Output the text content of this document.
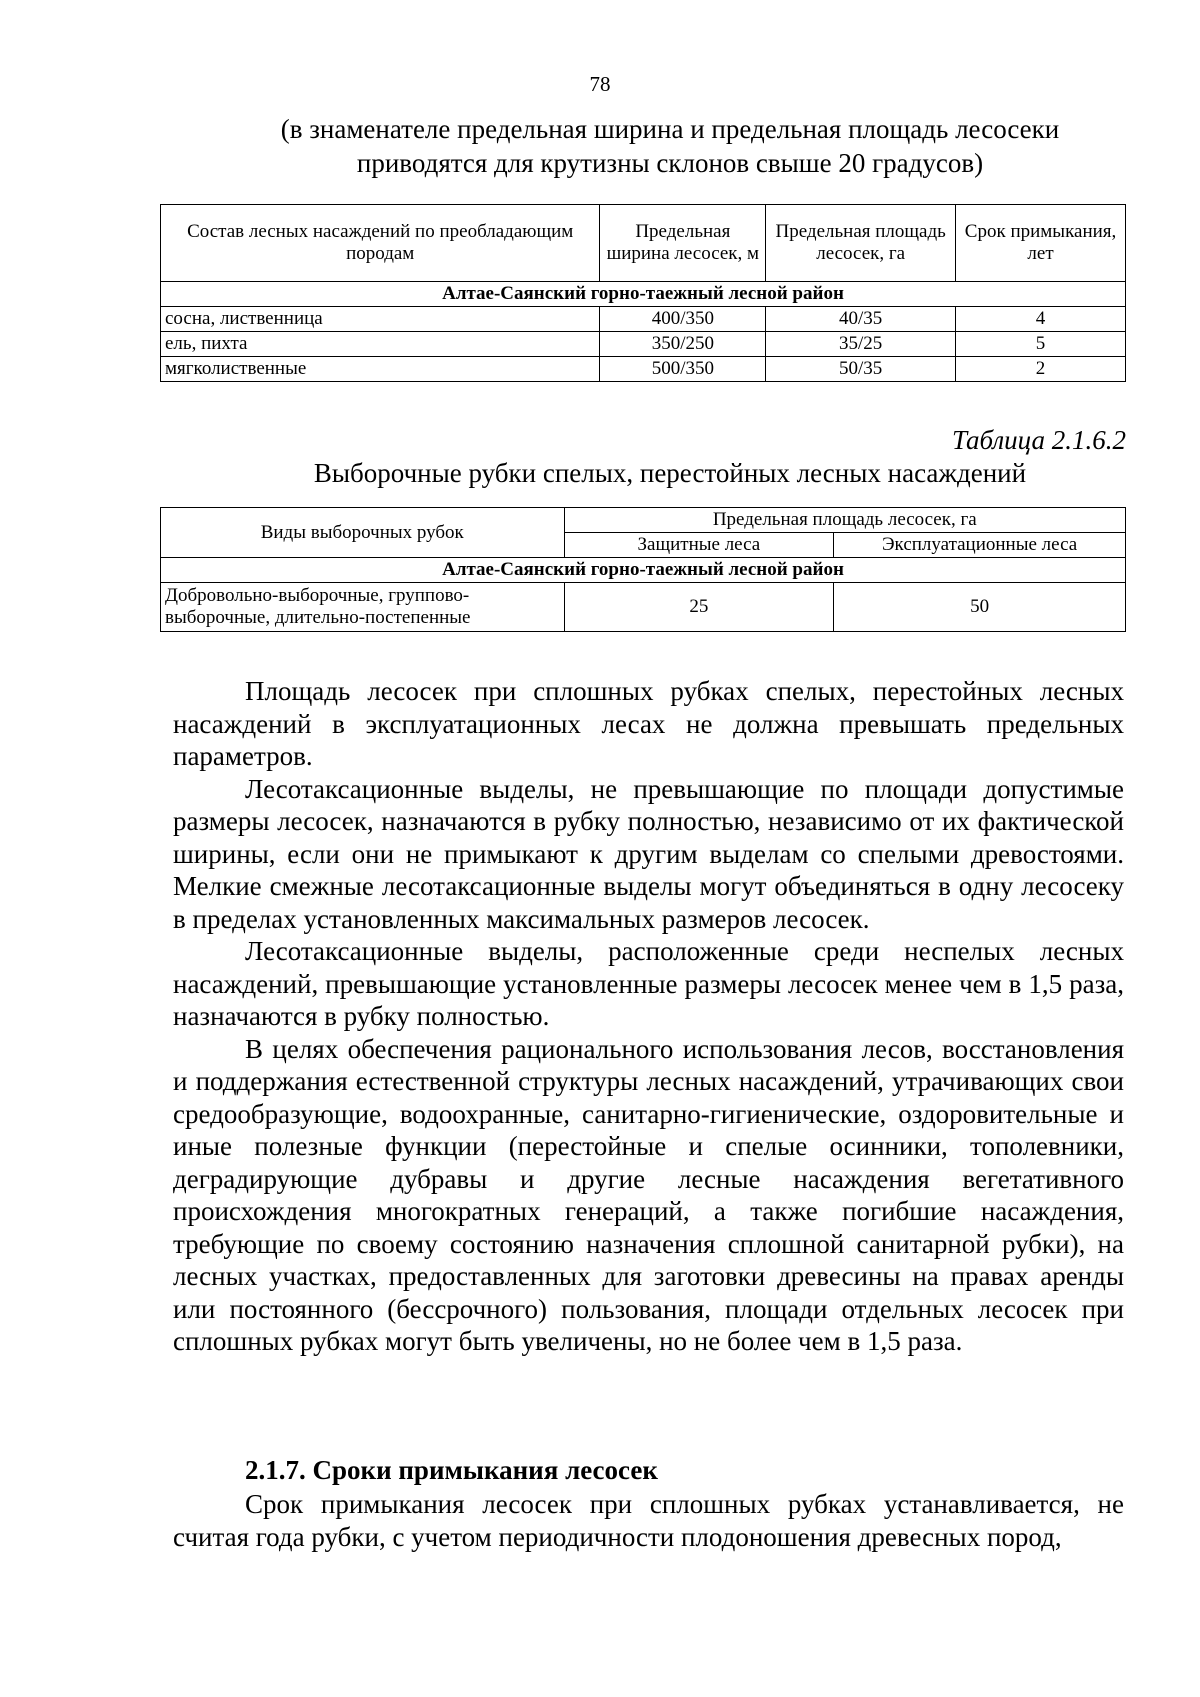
78
(в знаменателе предельная ширина и предельная площадь лесосеки
приводятся для крутизны склонов свыше 20 градусов)
Состав лесных насаждений по преобладающим породам	Предельная ширина лесосек, м	Предельная площадь лесосек, га	Срок примыкания, лет
Алтае-Саянский горно-таежный лесной район			
сосна, лиственница	400/350	40/35	4
ель, пихта	350/250	35/25	5
мягколиственные	500/350	50/35	2
Таблица 2.1.6.2
Выборочные рубки спелых, перестойных лесных насаждений
Виды выборочных рубок	Предельная площадь лесосек, га	
	Защитные леса	Эксплуатационные леса
Алтае-Саянский горно-таежный лесной район		
Добровольно-выборочные, группово-выборочные, длительно-постепенные	25	50

Площадь лесосек при сплошных рубках спелых, перестойных лесных насаждений в эксплуатационных лесах не должна превышать предельных параметров.

Лесотаксационные выделы, не превышающие по площади допустимые размеры лесосек, назначаются в рубку полностью, независимо от их фактической ширины, если они не примыкают к другим выделам со спелыми древостоями. Мелкие смежные лесотаксационные выделы могут объединяться в одну лесосеку в пределах установленных максимальных размеров лесосек.

Лесотаксационные выделы, расположенные среди неспелых лесных насаждений, превышающие установленные размеры лесосек менее чем в 1,5 раза, назначаются в рубку полностью.

В целях обеспечения рационального использования лесов, восстановления и поддержания естественной структуры лесных насаждений, утрачивающих свои средообразующие, водоохранные, санитарно-гигиенические, оздоровительные и иные полезные функции (перестойные и спелые осинники, тополевники, деградирующие дубравы и другие лесные насаждения вегетативного происхождения многократных генераций, а также погибшие насаждения, требующие по своему состоянию назначения сплошной санитарной рубки), на лесных участках, предоставленных для заготовки древесины на правах аренды или постоянного (бессрочного) пользования, площади отдельных лесосек при сплошных рубках могут быть увеличены, но не более чем в 1,5 раза.

2.1.7. Сроки примыкания лесосек

Срок примыкания лесосек при сплошных рубках устанавливается, не считая года рубки, с учетом периодичности плодоношения древесных пород,
